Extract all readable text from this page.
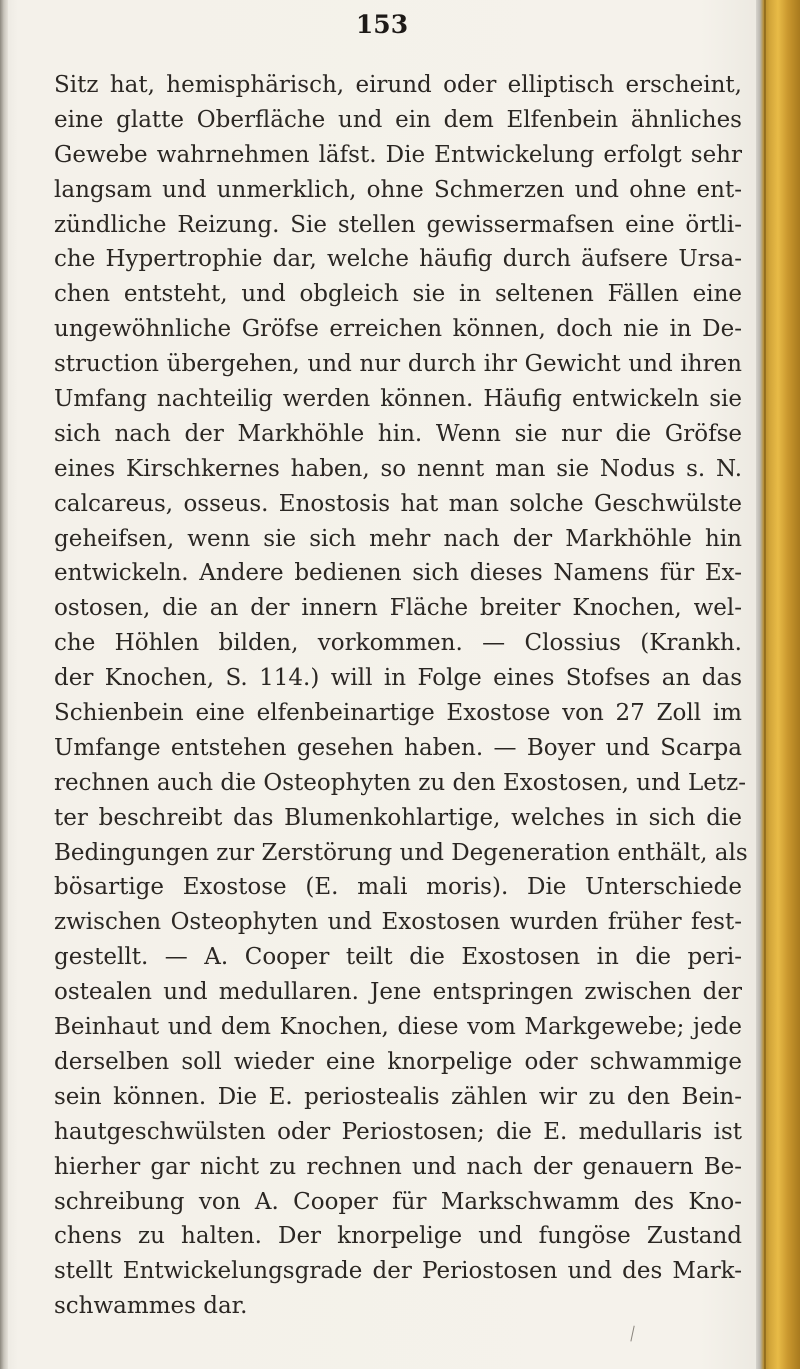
153
Sitz hat, hemisphärisch, eirund oder elliptisch erscheint,
eine glatte Oberfläche und ein dem Elfenbein ähnliches
Gewebe wahrnehmen läfst. Die Entwickelung erfolgt sehr
langsam und unmerklich, ohne Schmerzen und ohne ent-
zündliche Reizung. Sie stellen gewissermafsen eine örtli-
che Hypertrophie dar, welche häufig durch äufsere Ursa-
chen entsteht, und obgleich sie in seltenen Fällen eine
ungewöhnliche Gröfse erreichen können, doch nie in De-
struction übergehen, und nur durch ihr Gewicht und ihren
Umfang nachteilig werden können. Häufig entwickeln sie
sich nach der Markhöhle hin. Wenn sie nur die Gröfse
eines Kirschkernes haben, so nennt man sie Nodus s. N.
calcareus, osseus. Enostosis hat man solche Geschwülste
geheifsen, wenn sie sich mehr nach der Markhöhle hin
entwickeln. Andere bedienen sich dieses Namens für Ex-
ostosen, die an der innern Fläche breiter Knochen, wel-
che Höhlen bilden, vorkommen. — Clossius (Krankh.
der Knochen, S. 114.) will in Folge eines Stofses an das
Schienbein eine elfenbeinartige Exostose von 27 Zoll im
Umfange entstehen gesehen haben. — Boyer und Scarpa
rechnen auch die Osteophyten zu den Exostosen, und Letz-
ter beschreibt das Blumenkohlartige, welches in sich die
Bedingungen zur Zerstörung und Degeneration enthält, als
bösartige Exostose (E. mali moris). Die Unterschiede
zwischen Osteophyten und Exostosen wurden früher fest-
gestellt. — A. Cooper teilt die Exostosen in die peri-
ostealen und medullaren. Jene entspringen zwischen der
Beinhaut und dem Knochen, diese vom Markgewebe; jede
derselben soll wieder eine knorpelige oder schwammige
sein können. Die E. periostealis zählen wir zu den Bein-
hautgeschwülsten oder Periostosen; die E. medullaris ist
hierher gar nicht zu rechnen und nach der genauern Be-
schreibung von A. Cooper für Markschwamm des Kno-
chens zu halten. Der knorpelige und fungöse Zustand
stellt Entwickelungsgrade der Periostosen und des Mark-
schwammes dar.
